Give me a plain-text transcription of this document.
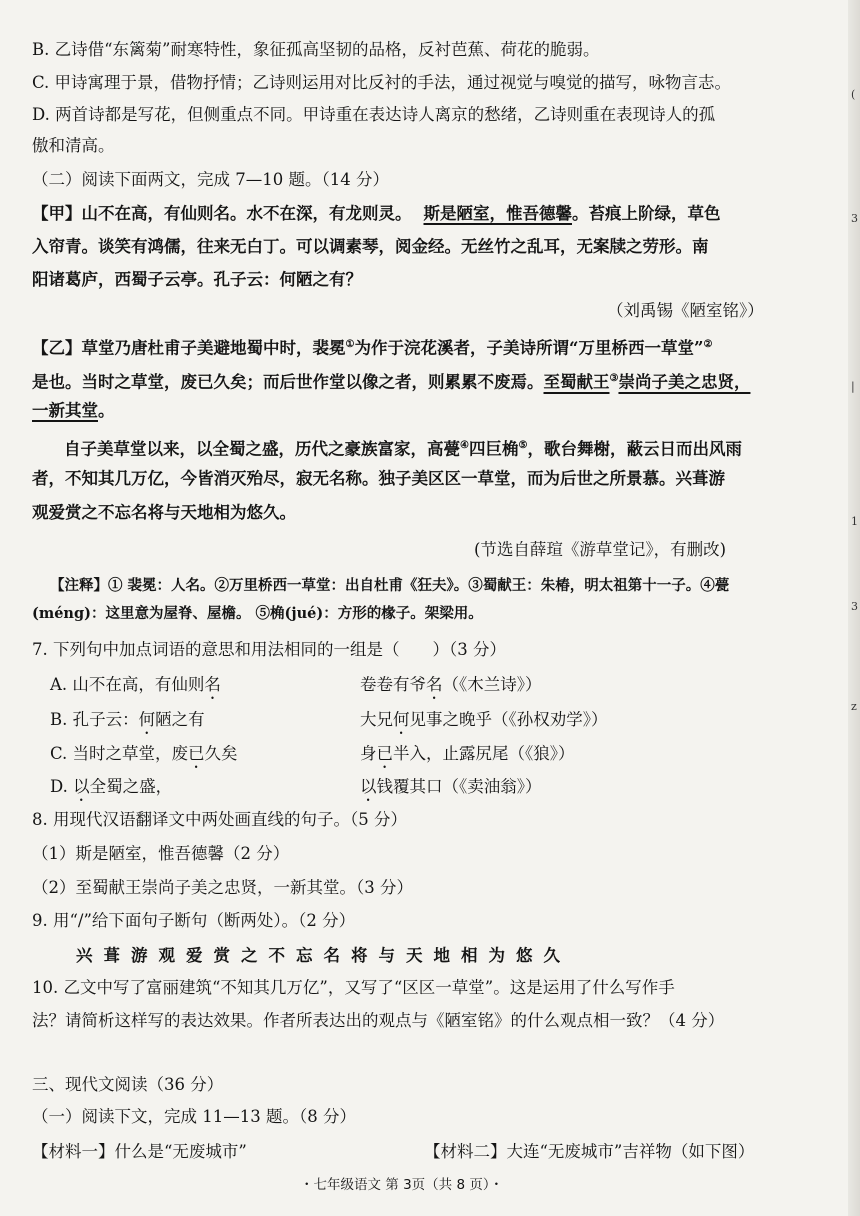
B. 乙诗借“东篱菊”耐寒特性，象征孤高坚韧的品格，反衬芭蕉、荷花的脆弱。
C. 甲诗寓理于景，借物抒情；乙诗则运用对比反衬的手法，通过视觉与嗅觉的描写，咏物言志。
D. 两首诗都是写花，但侧重点不同。甲诗重在表达诗人离京的愁绪，乙诗则重在表现诗人的孤
傲和清高。
（二）阅读下面两文，完成 7—10 题。（14 分）
【甲】山不在高，有仙则名。水不在深，有龙则灵。 斯是陋室，惟吾德馨。苔痕上阶绿，草色
入帘青。谈笑有鸿儒，往来无白丁。可以调素琴，阅金经。无丝竹之乱耳，无案牍之劳形。南
阳诸葛庐，西蜀子云亭。孔子云：何陋之有？
（刘禹锡《陋室铭》）
【乙】草堂乃唐杜甫子美避地蜀中时，裴冕①为作于浣花溪者，子美诗所谓“万里桥西一草堂”②
是也。当时之草堂，废已久矣；而后世作堂以像之者，则累累不废焉。至蜀献王③崇尚子美之忠贤，
一新其堂。
自子美草堂以来，以全蜀之盛，历代之豪族富家，高甍④四巨桷⑤，歌台舞榭，蔽云日而出风雨
者，不知其几万亿，今皆消灭殆尽，寂无名称。独子美区区一草堂，而为后世之所景慕。兴葺游
观爱赏之不忘名将与天地相为悠久。
(节选自薛瑄《游草堂记》，有删改)
【注释】① 裴冕：人名。②万里桥西一草堂：出自杜甫《狂夫》。③蜀献王：朱椿，明太祖第十一子。④甍
(méng)：这里意为屋脊、屋檐。 ⑤桷(jué)：方形的椽子。架梁用。
7. 下列句中加点词语的意思和用法相同的一组是（　　）（3 分）
A. 山不在高，有仙则名	卷卷有爷名（《木兰诗》）
B. 孔子云：何陋之有	大兄何见事之晚乎（《孙权劝学》）
C. 当时之草堂，废已久矣	身已半入，止露尻尾（《狼》）
D. 以全蜀之盛，	以钱覆其口（《卖油翁》）
8. 用现代汉语翻译文中两处画直线的句子。（5 分）
（1）斯是陋室，惟吾德馨（2 分）
（2）至蜀献王崇尚子美之忠贤，一新其堂。（3 分）
9. 用“/”给下面句子断句（断两处）。（2 分）
兴葺游观爱赏之不忘名将与天地相为悠久
10. 乙文中写了富丽建筑“不知其几万亿”，又写了“区区一草堂”。这是运用了什么写作手
法？请简析这样写的表达效果。作者所表达出的观点与《陋室铭》的什么观点相一致？（4 分）
三、现代文阅读（36 分）
（一）阅读下文，完成 11—13 题。（8 分）
【材料一】什么是“无废城市”	【材料二】大连“无废城市”吉祥物（如下图）
・七年级语文 第 3页（共 8 页）・
(
3
|
1
3
z
